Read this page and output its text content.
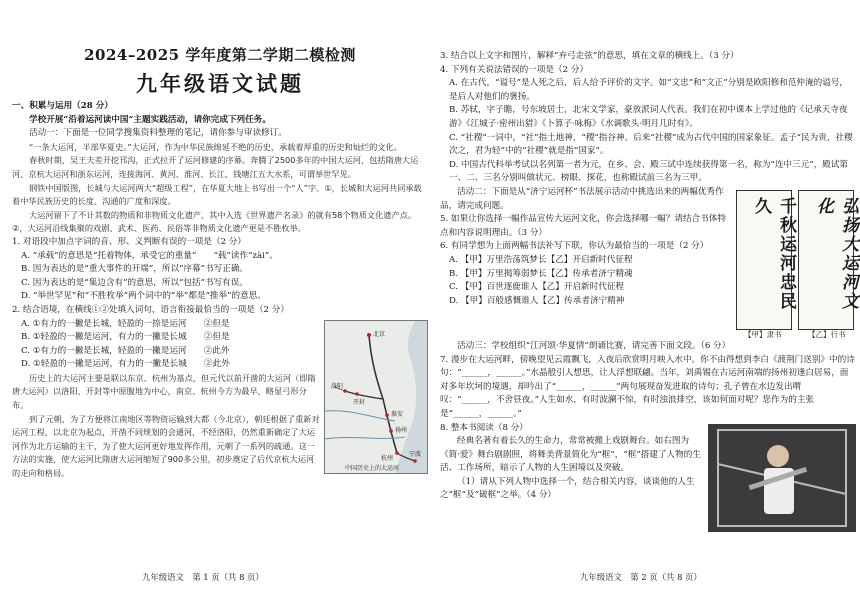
2024–2025 学年度第二学期二模检测
九年级语文试题

一、积累与运用（28 分）

学校开展“沿着运河读中国”主题实践活动，请你完成下列任务。

活动一：下面是一位同学搜集资料整理的笔记，请你参与审读修订。

“一条大运河，半部华夏史。”大运河，作为中华民族绵延不绝的历史，承载着厚重的历史和灿烂的文化。

春秋时期，吴王夫差开挖邗沟，正式拉开了运河修建的序幕。奔腾了2500多年的中国大运河，包括隋唐大运河、京杭大运河和浙东运河，连接海河、黄河、淮河、长江、钱塘江五大水系，可谓举世罕见。

钢铁中国版图，长城与大运河两大“超级工程”，在华夏大地上书写出一个“人”字。①，长城和大运河共同承载着中华民族历史的长度、沟通的广度和深度。

大运河留下了不计其数的物质和非物质文化遗产，其中入选《世界遗产名录》的就有58个物质文化遗产点。②，大运河沿线集聚的戏剧、武术、医药、民俗等非物质文化遗产更是不胜枚举。

1. 对语段中加点字词的音、形、义判断有误的一项是（2 分）

A. “承载”的意思是“托着物体，承受它的重量”　　“载”读作“zài”。

B. 因为表达的是“重大事件的开端”，所以“序幕”书写正确。

C. 因为表达的是“集边含有”的意思，所以“包括”书写有误。

D. “举世罕见”和“不胜枚举”两个词中的“举”都是“推举”的意思。

2. 结合语境，在横线①②处填入词句，语言衔接最恰当的一项是（2 分）

北京
洛阳
开封
淮安
扬州
杭州
宁波
中国历史上的大运河

A. ①有力的一撇是长城，轻盈的一捺是运河　　②但是

B. ①轻盈的一撇是运河，有力的一撇是长城　　②但是

C. ①有力的一撇是长城，轻盈的一撇是运河　　②此外

D. ①轻盈的一撇是运河，有力的一撇是长城　　②此外

历史上的大运河主要是联以东京、杭州为基点，但元代以前开凿的大运河（即隋唐大运河）以洛阳、开封等中原腹地为中心，南京、杭州今方为最早，略显弓形分布。

到了元朝，为了方便将江南地区等物资运输到大都（今北京），朝廷根据了重新对运河工程，以北京为起点，开凿不同规划的会通河，不经洛阳，仍然重新确定了大运河作为北方运输的主干，为了使大运河更好地发挥作用，元朝了一系列的疏通。这一方法的实施，使大运河比隋唐大运河缩短了900多公里，初步奠定了后代京杭大运河的走向和格局。

九年级语文　第 1 页（共 8 页）

3. 结合以上文字和图片，解释“弃弓走弦”的意思，填在文章的横线上。（3 分）

4. 下列有关说法错误的一项是（2 分）

A. 在古代，“谥号”是人死之后，后人给予评价的文字。如“文忠”和“文正”分别是欧阳修和范仲淹的谥号，是后人对他们的褒扬。

B. 苏轼，字子瞻，号东坡居士，北宋文学家，豪放派词人代表。我们在初中课本上学过他的《记承天寺夜游》《江城子·密州出猎》《卜算子·咏梅》《水调歌头·明月几时有》。

C. “社稷”一词中，“社”指土地神，“稷”指谷神。后来“社稷”成为古代中国的国家象征。孟子“民为贵，社稷次之，君为轻”中的“社稷”就是指“国家”。

D. 中国古代科举考试以名列第一者为元，在乡、会、殿三试中连续获得第一名，称为“连中三元”，殿试第一、二、三名分别叫做状元、榜眼、探花，也称殿试前三名为三甲。

千秋运河忠民久	弘扬大运河文化
【甲】隶书	【乙】行书

活动二：下面是从“济宁运河杯”书法展示活动中挑选出来的两幅优秀作品，请完成问题。

5. 如果让你选择一幅作品宣传大运河文化，你会选择哪一幅？请结合书体特点和内容说明理由。（3 分）

6. 有同学想为上面两幅书法补写下联，你认为最恰当的一项是（2 分）

A. 【甲】万里浩荡筑梦长【乙】开启新时代征程

B. 【甲】万里揭筹弱梦长【乙】传承者济宁精魂

C. 【甲】百世逐鹿谁人【乙】开启新时代征程

D. 【甲】百般感慨谁人【乙】传承者济宁精神

活动三：学校组织“江河颂·华夏情”朗诵比赛，请完善下面文段。（6 分）

7. 漫步在大运河畔，傍晚望见云霞飘飞，入夜后欣赏明月映入水中。你不由得想到李白《渡荆门送别》中的诗句：“______，______。”水晶般引人想思，让人浮想联翩。当年，刘禹锡在古运河南端的扬州初逢白居易，面对多年坎坷的境遇，却吟出了“______，______”两句展现奋发进取的诗句；孔子曾在水边发出喟叹：“______，不舍昼夜。”人生如水，有时波澜不惊，有时浊浪排空，该如何面对呢？您作为的主张是“______，______。”

8. 整本书阅读（8 分）

经典名著有着长久的生命力，常常被搬上戏剧舞台。如右图为《简·爱》舞台剧剧照，将舞美背景简化为“框”，“框”搭建了人物的生活、工作场所，暗示了人物的人生困境以及突破。

（1）请从下列人物中选择一个，结合相关内容，谈谈他的人生之“框”及“破框”之举。（4 分）

九年级语文　第 2 页（共 8 页）
